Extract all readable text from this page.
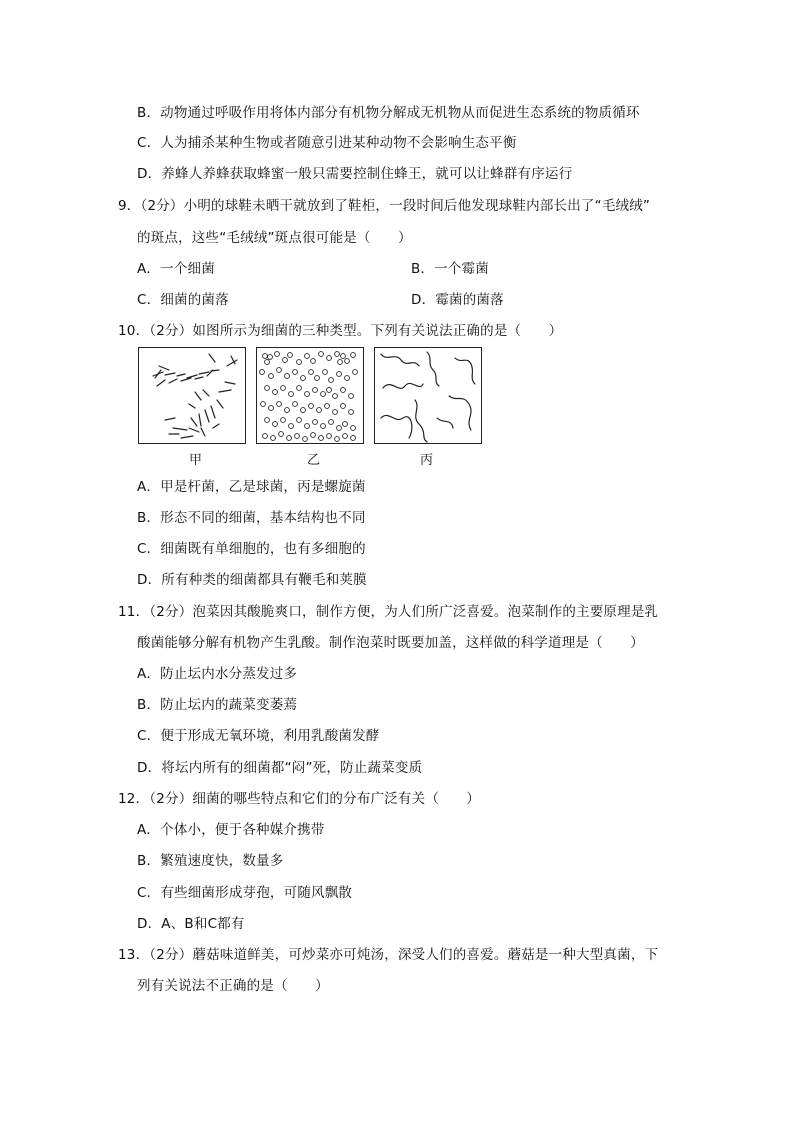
B．动物通过呼吸作用将体内部分有机物分解成无机物从而促进生态系统的物质循环
C．人为捕杀某种生物或者随意引进某种动物不会影响生态平衡
D．养蜂人养蜂获取蜂蜜一般只需要控制住蜂王，就可以让蜂群有序运行
9．（2分）小明的球鞋未晒干就放到了鞋柜，一段时间后他发现球鞋内部长出了“毛绒绒”
的斑点，这些“毛绒绒”斑点很可能是（　　）
A．一个细菌	B．一个霉菌
C．细菌的菌落	D．霉菌的菌落
10．（2分）如图所示为细菌的三种类型。下列有关说法正确的是（　　）
甲	乙	丙
A．甲是杆菌，乙是球菌，丙是螺旋菌
B．形态不同的细菌，基本结构也不同
C．细菌既有单细胞的，也有多细胞的
D．所有种类的细菌都具有鞭毛和荚膜
11．（2分）泡菜因其酸脆爽口，制作方便，为人们所广泛喜爱。泡菜制作的主要原理是乳
酸菌能够分解有机物产生乳酸。制作泡菜时既要加盖，这样做的科学道理是（　　）
A．防止坛内水分蒸发过多
B．防止坛内的蔬菜变萎蔫
C．便于形成无氧环境，利用乳酸菌发酵
D．将坛内所有的细菌都“闷”死，防止蔬菜变质
12．（2分）细菌的哪些特点和它们的分布广泛有关（　　）
A．个体小，便于各种媒介携带
B．繁殖速度快，数量多
C．有些细菌形成芽孢，可随风飘散
D．A、B和C都有
13．（2分）蘑菇味道鲜美，可炒菜亦可炖汤，深受人们的喜爱。蘑菇是一种大型真菌，下
列有关说法不正确的是（　　）
